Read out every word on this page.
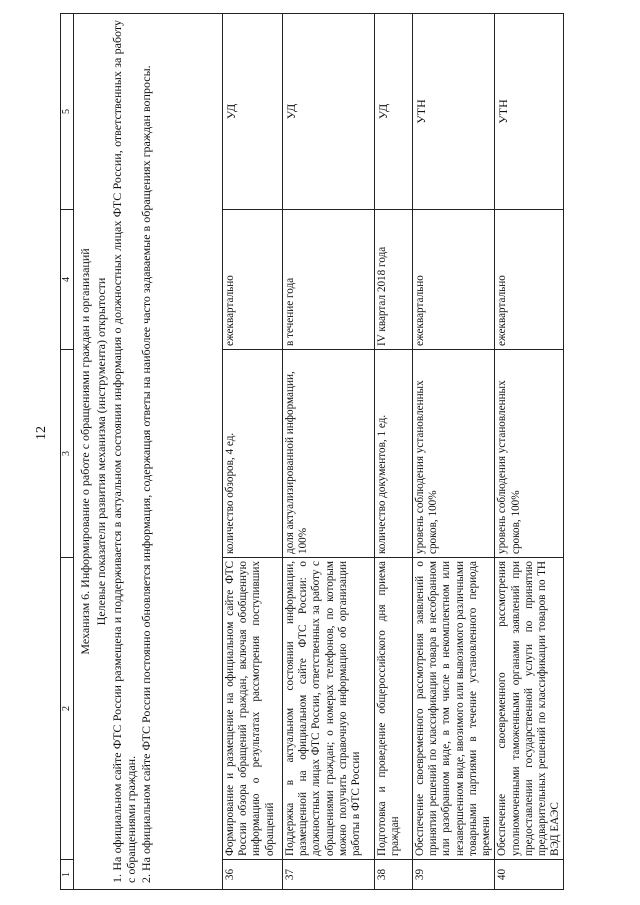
12
1	2	3	4	5

Механизм 6. Информирование о работе с обращениями граждан и организаций Целевые показатели развития механизма (инструмента) открытости 1. На официальном сайте ФТС России размещена и поддерживается в актуальном состоянии информация о должностных лицах ФТС России, ответственных за работу с обращениями граждан. 2. На официальном сайте ФТС России постоянно обновляется информация, содержащая ответы на наиболее часто задаваемые в обращениях граждан вопросы.				

36	Формирование и размещение на официальном сайте ФТС России обзора обращений граждан, включая обобщенную информацию о результатах рассмотрения поступивших обращений	количество обзоров, 4 ед.	ежеквартально	УД
37	Поддержка в актуальном состоянии информации, размещенной на официальном сайте ФТС России: о должностных лицах ФТС России, ответственных за работу с обращениями граждан; о номерах телефонов, по которым можно получить справочную информацию об организации работы в ФТС России	доля актуализированной информации, 100%	в течение года	УД
38	Подготовка и проведение общероссийского дня приема граждан	количество документов, 1 ед.	IV квартал 2018 года	УД
39	Обеспечение своевременного рассмотрения заявлений о принятии решений по классификации товара в несобранном или разобранном виде, в том числе в некомплектном или незавершенном виде, ввозимого или вывозимого различными товарными партиями в течение установленного периода времени	уровень соблюдения установленных сроков, 100%	ежеквартально	УТН
40	Обеспечение своевременного рассмотрения уполномоченными таможенными органами заявлений при предоставлении государственной услуги по принятию предварительных решений по классификации товаров по ТН ВЭД ЕАЭС	уровень соблюдения установленных сроков, 100%	ежеквартально	УТН
